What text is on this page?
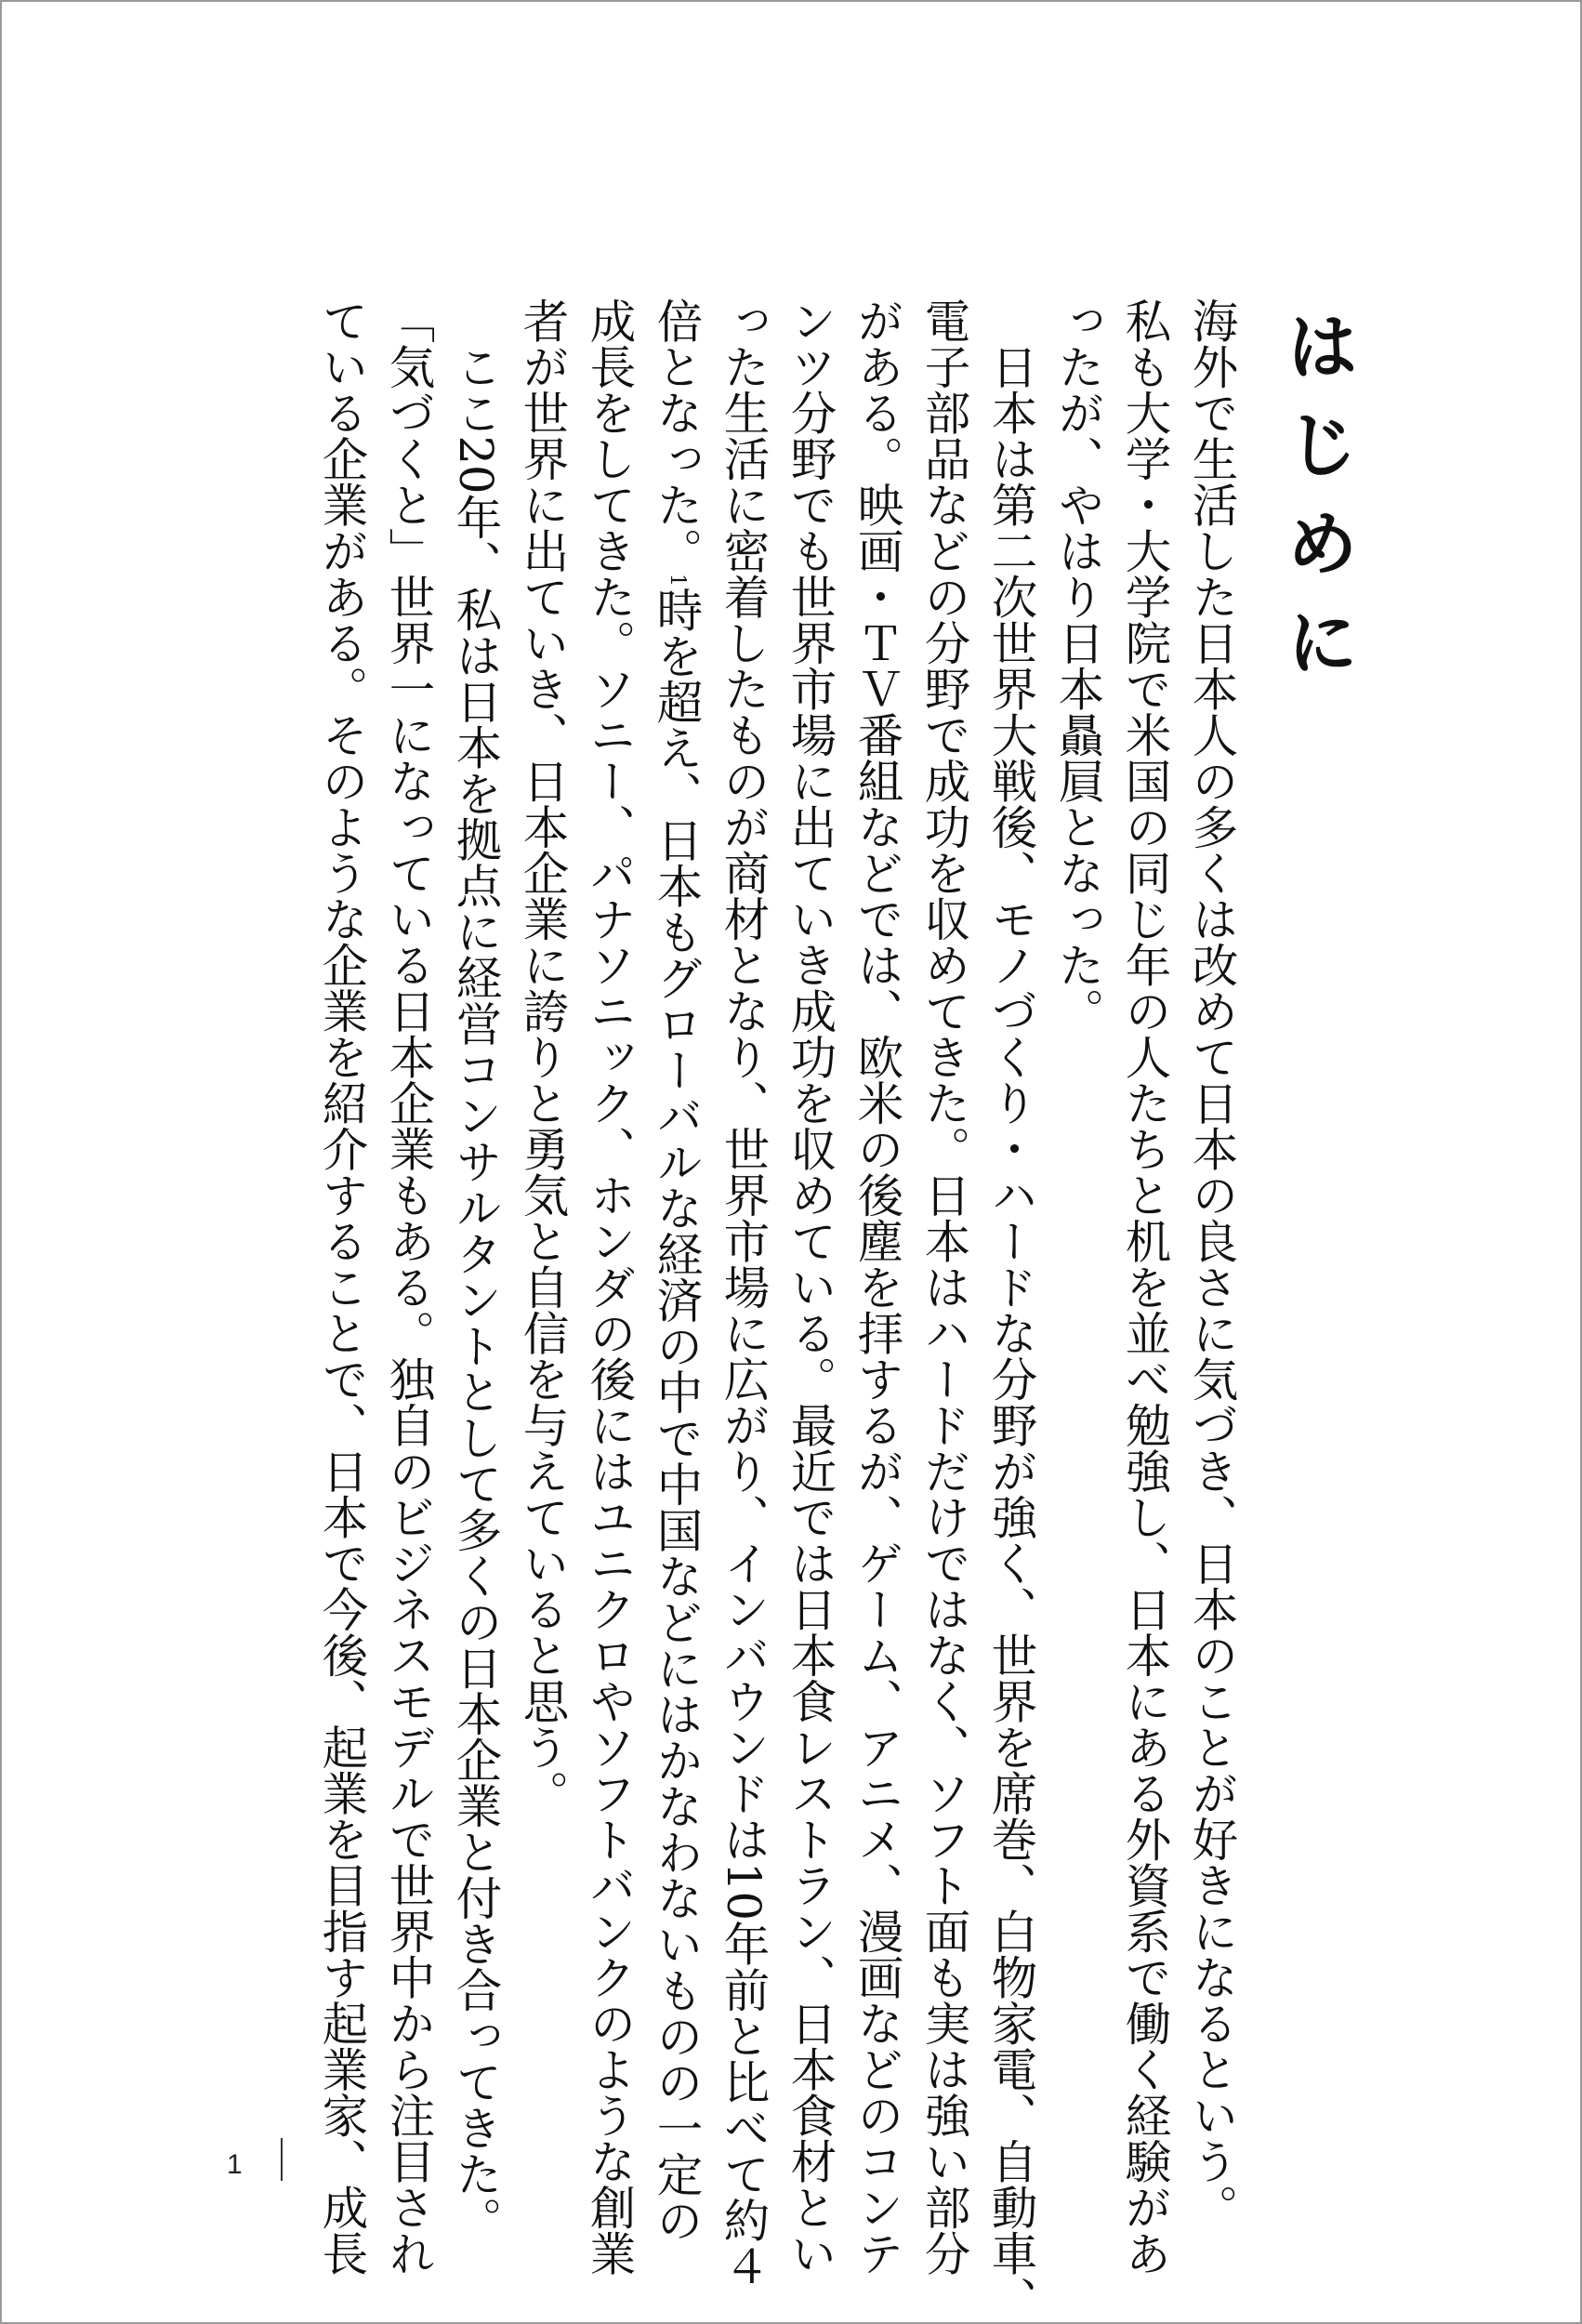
はじめに
海外で生活した日本人の多くは改めて日本の良さに気づき、日本のことが好きになるという。
私も大学・大学院で米国の同じ年の人たちと机を並べ勉強し、日本にある外資系で働く経験があ
ったが、やはり日本贔屓となった。
　日本は第二次世界大戦後、モノづくり・ハードな分野が強く、世界を席巻、白物家電、自動車、
電子部品などの分野で成功を収めてきた。日本はハードだけではなく、ソフト面も実は強い部分
がある。映画・ＴＶ番組などでは、欧米の後塵を拝するが、ゲーム、アニメ、漫画などのコンテ
ンツ分野でも世界市場に出ていき成功を収めている。最近では日本食レストラン、日本食材とい
った生活に密着したものが商材となり、世界市場に広がり、インバウンドは10年前と比べて約４
倍となった。1時を超え、日本もグローバルな経済の中で中国などにはかなわないものの一定の
成長をしてきた。ソニー、パナソニック、ホンダの後にはユニクロやソフトバンクのような創業
者が世界に出ていき、日本企業に誇りと勇気と自信を与えていると思う。
　ここ20年、私は日本を拠点に経営コンサルタントとして多くの日本企業と付き合ってきた。
「気づくと」世界一になっている日本企業もある。独自のビジネスモデルで世界中から注目され
ている企業がある。そのような企業を紹介することで、日本で今後、起業を目指す起業家、成長
1
